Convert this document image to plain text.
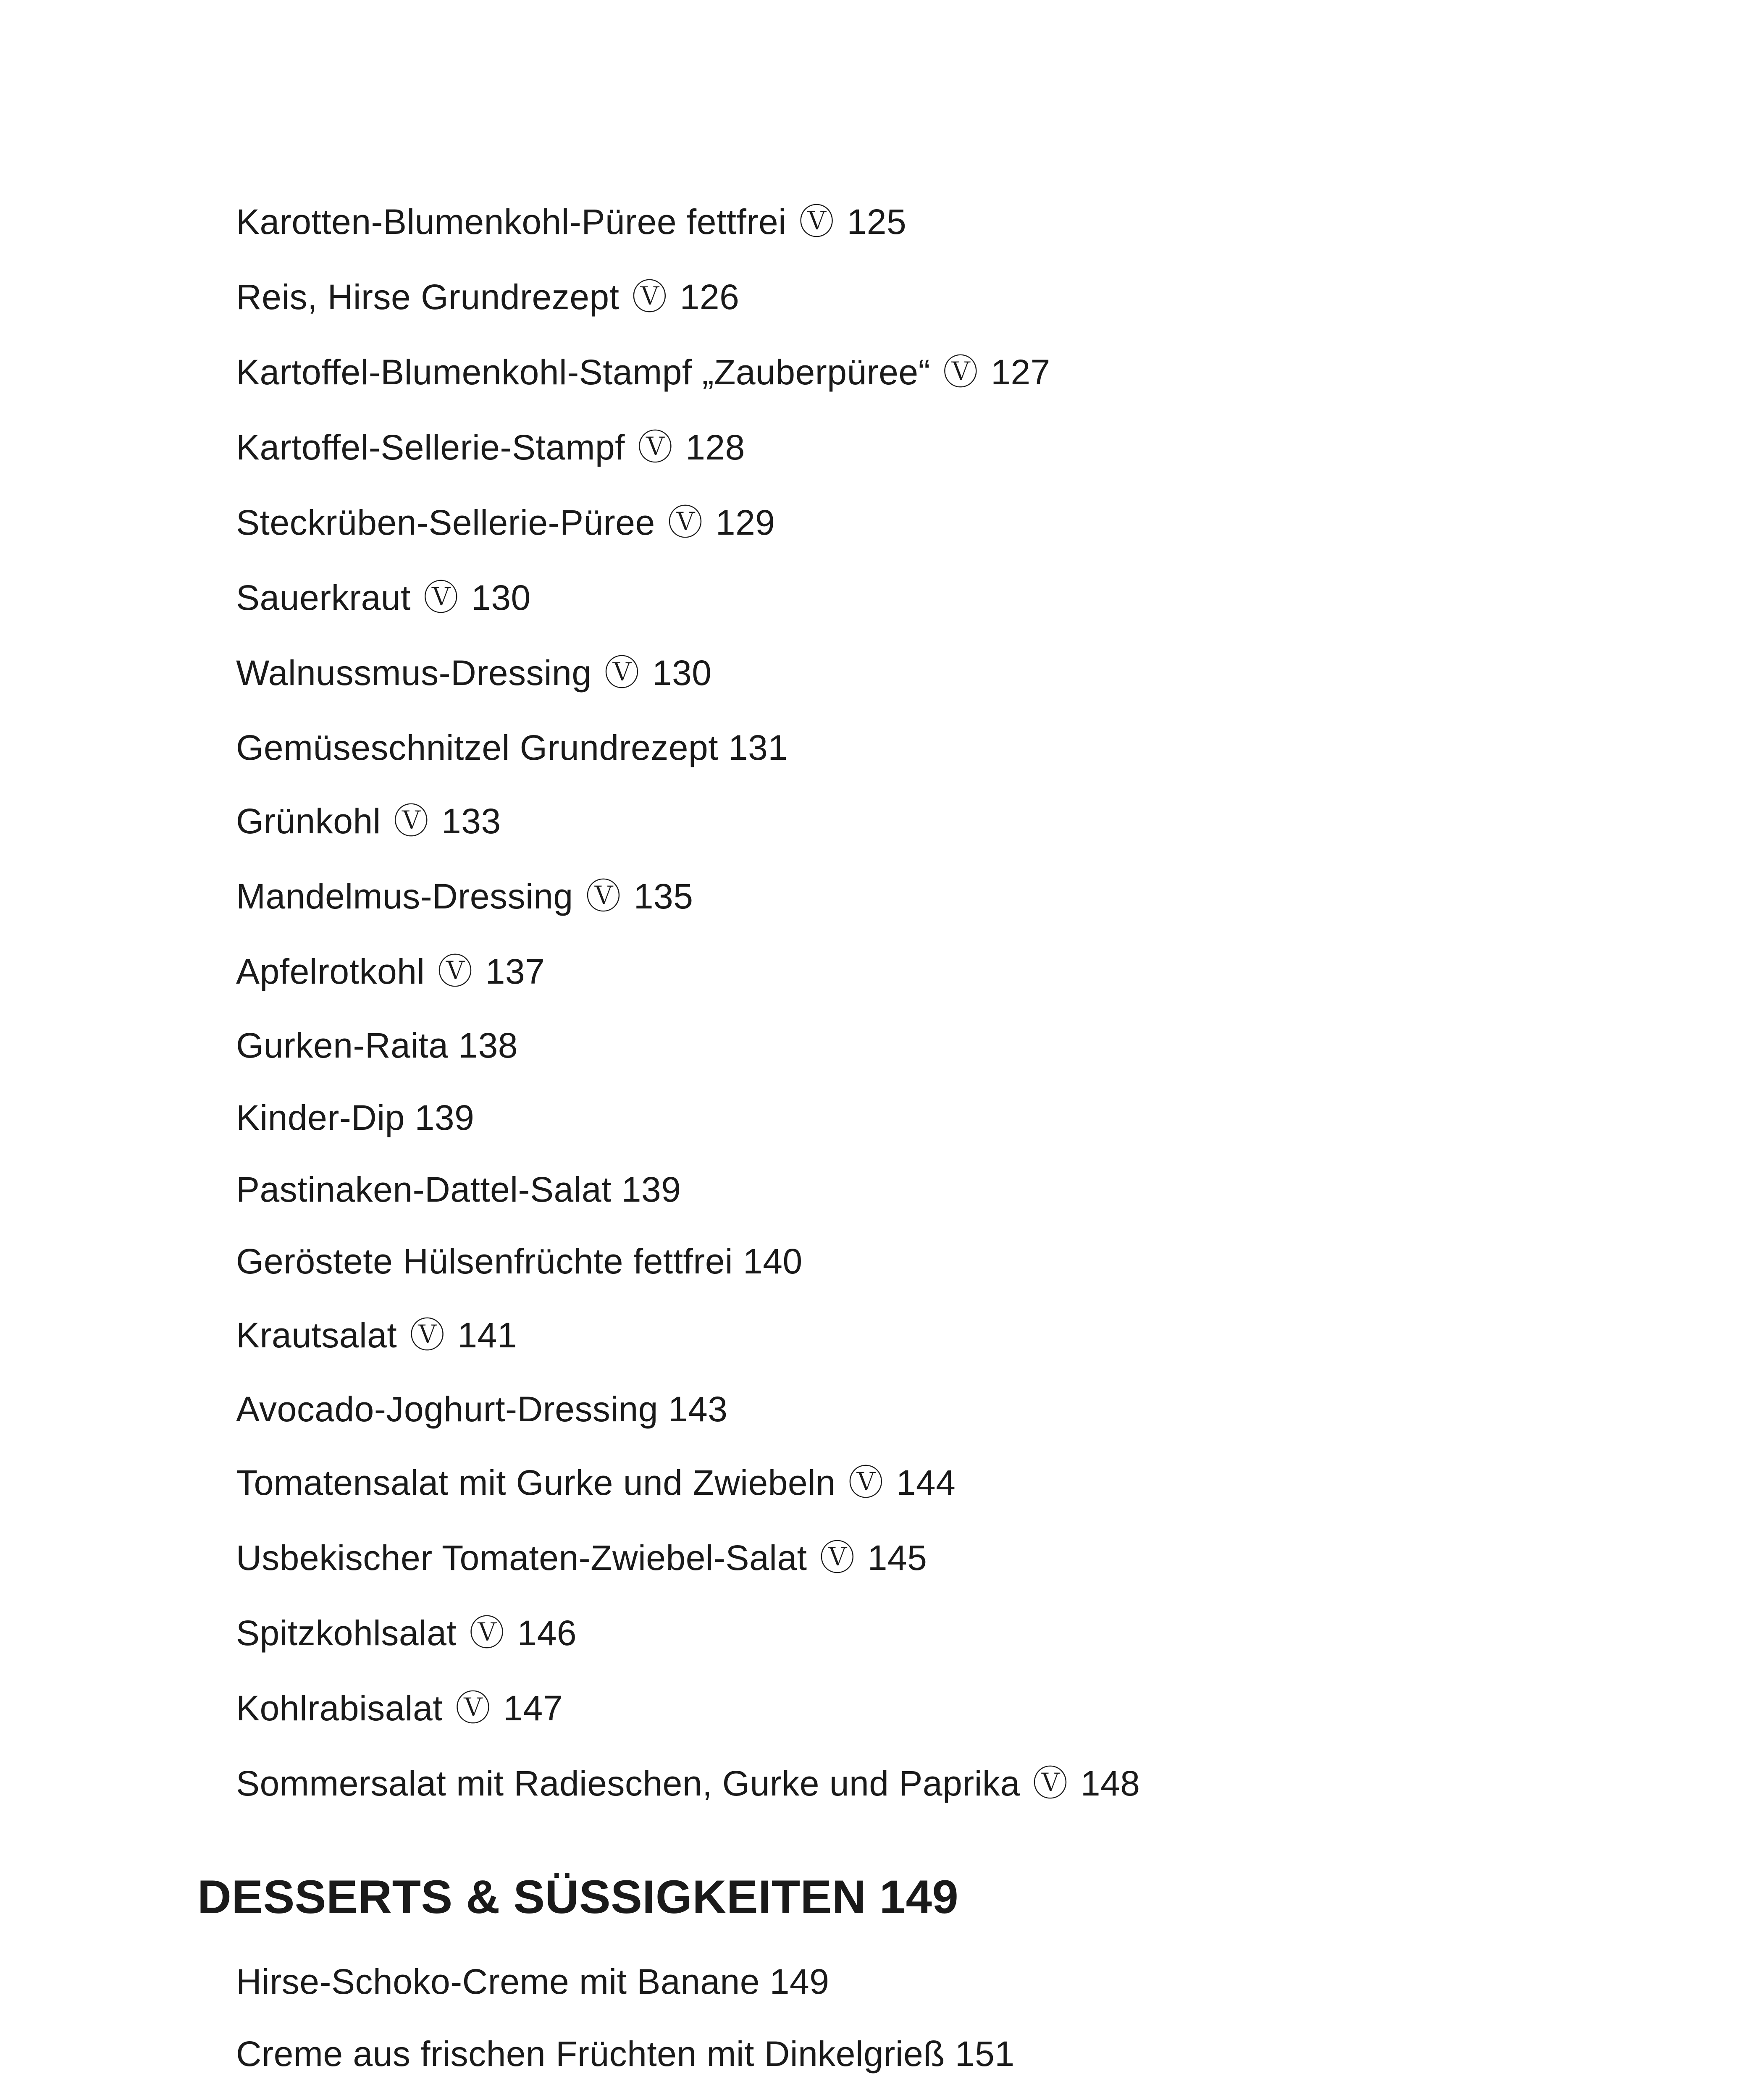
Karotten-Blumenkohl-Püree fettfrei Ⓥ 125
Reis, Hirse Grundrezept Ⓥ 126
Kartoffel-Blumenkohl-Stampf „Zauberpüree“ Ⓥ 127
Kartoffel-Sellerie-Stampf Ⓥ 128
Steckrüben-Sellerie-Püree Ⓥ 129
Sauerkraut Ⓥ 130
Walnussmus-Dressing Ⓥ 130
Gemüseschnitzel Grundrezept 131
Grünkohl Ⓥ 133
Mandelmus-Dressing Ⓥ 135
Apfelrotkohl Ⓥ 137
Gurken-Raita 138
Kinder-Dip 139
Pastinaken-Dattel-Salat 139
Geröstete Hülsenfrüchte fettfrei 140
Krautsalat Ⓥ 141
Avocado-Joghurt-Dressing 143
Tomatensalat mit Gurke und Zwiebeln Ⓥ 144
Usbekischer Tomaten-Zwiebel-Salat Ⓥ 145
Spitzkohlsalat Ⓥ 146
Kohlrabisalat Ⓥ 147
Sommersalat mit Radieschen, Gurke und Paprika Ⓥ 148
DESSERTS & SÜSSIGKEITEN 149
Hirse-Schoko-Creme mit Banane 149
Creme aus frischen Früchten mit Dinkelgrieß 151
